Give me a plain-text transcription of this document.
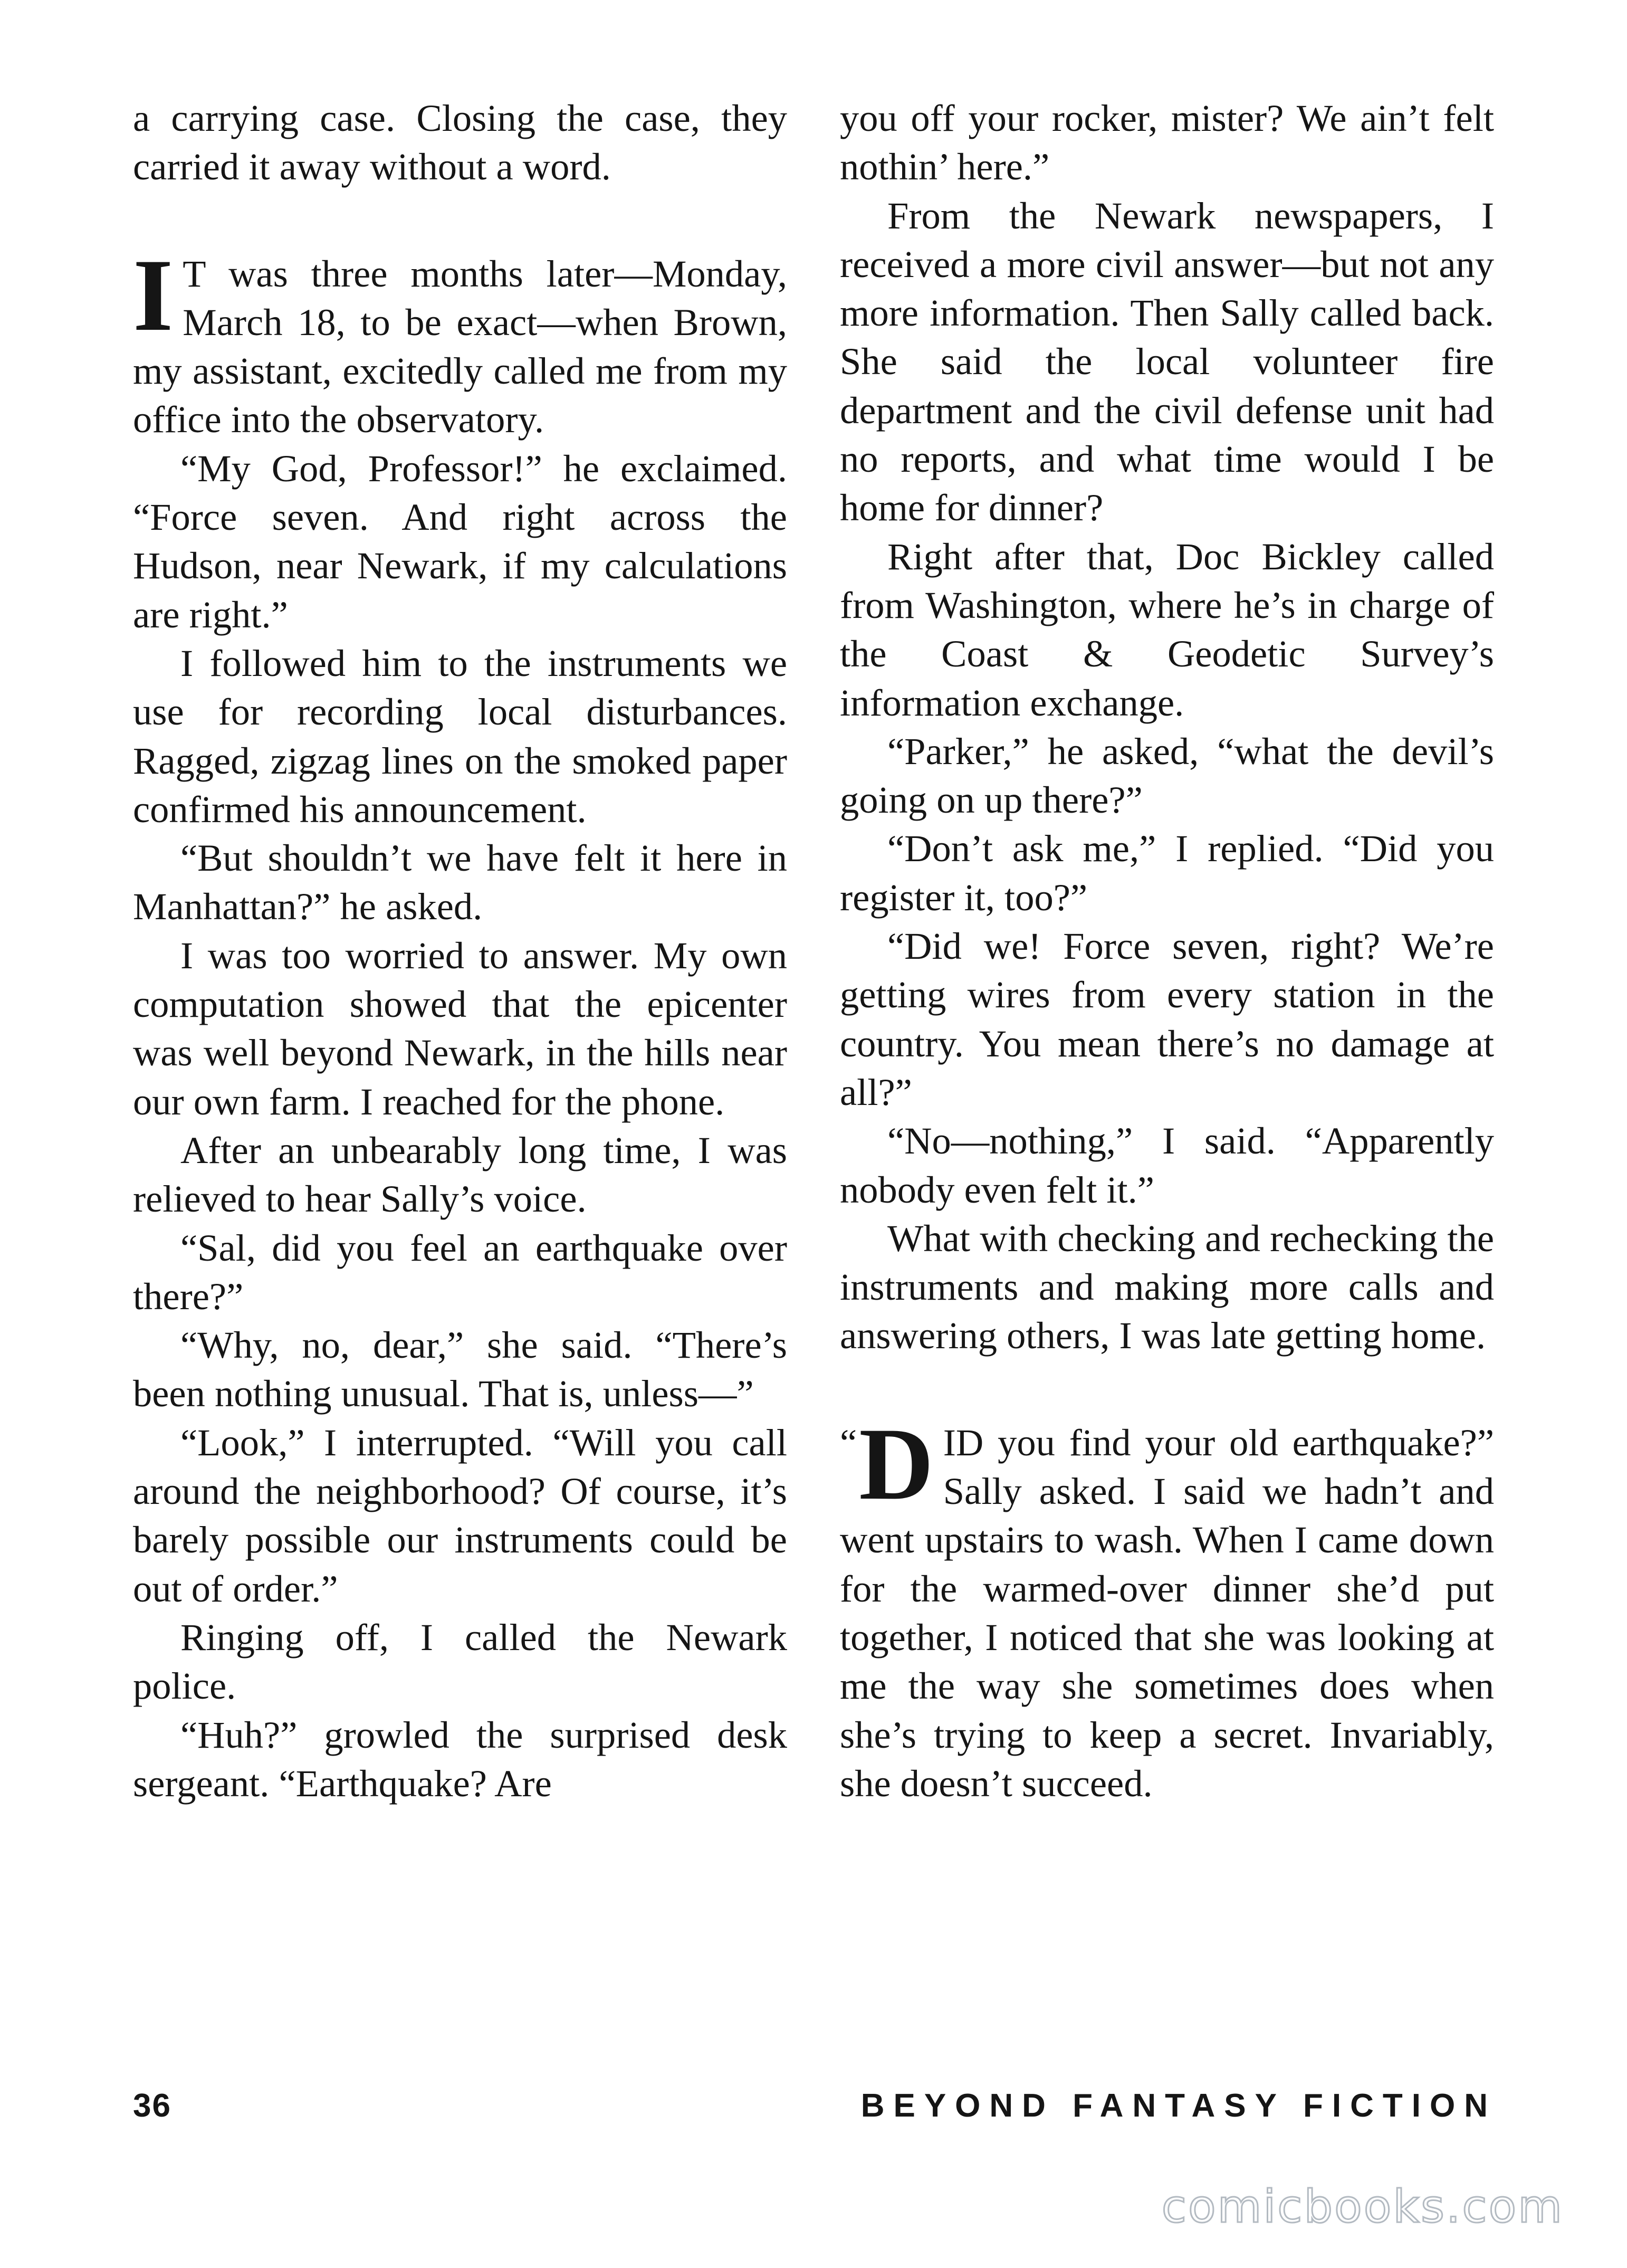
a carrying case. Closing the case, they carried it away without a word.

I T was three months later—Monday, March 18, to be exact—when Brown, my assistant, excitedly called me from my office into the observatory.

“My God, Professor!” he exclaimed. “Force seven. And right across the Hudson, near Newark, if my calculations are right.”

I followed him to the instruments we use for recording local disturbances. Ragged, zigzag lines on the smoked paper confirmed his announcement.

“But shouldn’t we have felt it here in Manhattan?” he asked.

I was too worried to answer. My own computation showed that the epicenter was well beyond Newark, in the hills near our own farm. I reached for the phone.

After an unbearably long time, I was relieved to hear Sally’s voice.

“Sal, did you feel an earthquake over there?”

“Why, no, dear,” she said. “There’s been nothing unusual. That is, unless—”

“Look,” I interrupted. “Will you call around the neighborhood? Of course, it’s barely possible our instruments could be out of order.”

Ringing off, I called the Newark police.

“Huh?” growled the surprised desk sergeant. “Earthquake? Are

you off your rocker, mister? We ain’t felt nothin’ here.”

From the Newark newspapers, I received a more civil answer—but not any more information. Then Sally called back. She said the local volunteer fire department and the civil defense unit had no reports, and what time would I be home for dinner?

Right after that, Doc Bickley called from Washington, where he’s in charge of the Coast & Geodetic Survey’s information exchange.

“Parker,” he asked, “what the devil’s going on up there?”

“Don’t ask me,” I replied. “Did you register it, too?”

“Did we! Force seven, right? We’re getting wires from every station in the country. You mean there’s no damage at all?”

“No—nothing,” I said. “Apparently nobody even felt it.”

What with checking and rechecking the instruments and making more calls and answering others, I was late getting home.

“ D ID you find your old earthquake?” Sally asked. I said we hadn’t and went upstairs to wash. When I came down for the warmed-over dinner she’d put together, I noticed that she was looking at me the way she sometimes does when she’s trying to keep a secret. Invariably, she doesn’t succeed.

36	BEYOND FANTASY FICTION
comicbooks.com
